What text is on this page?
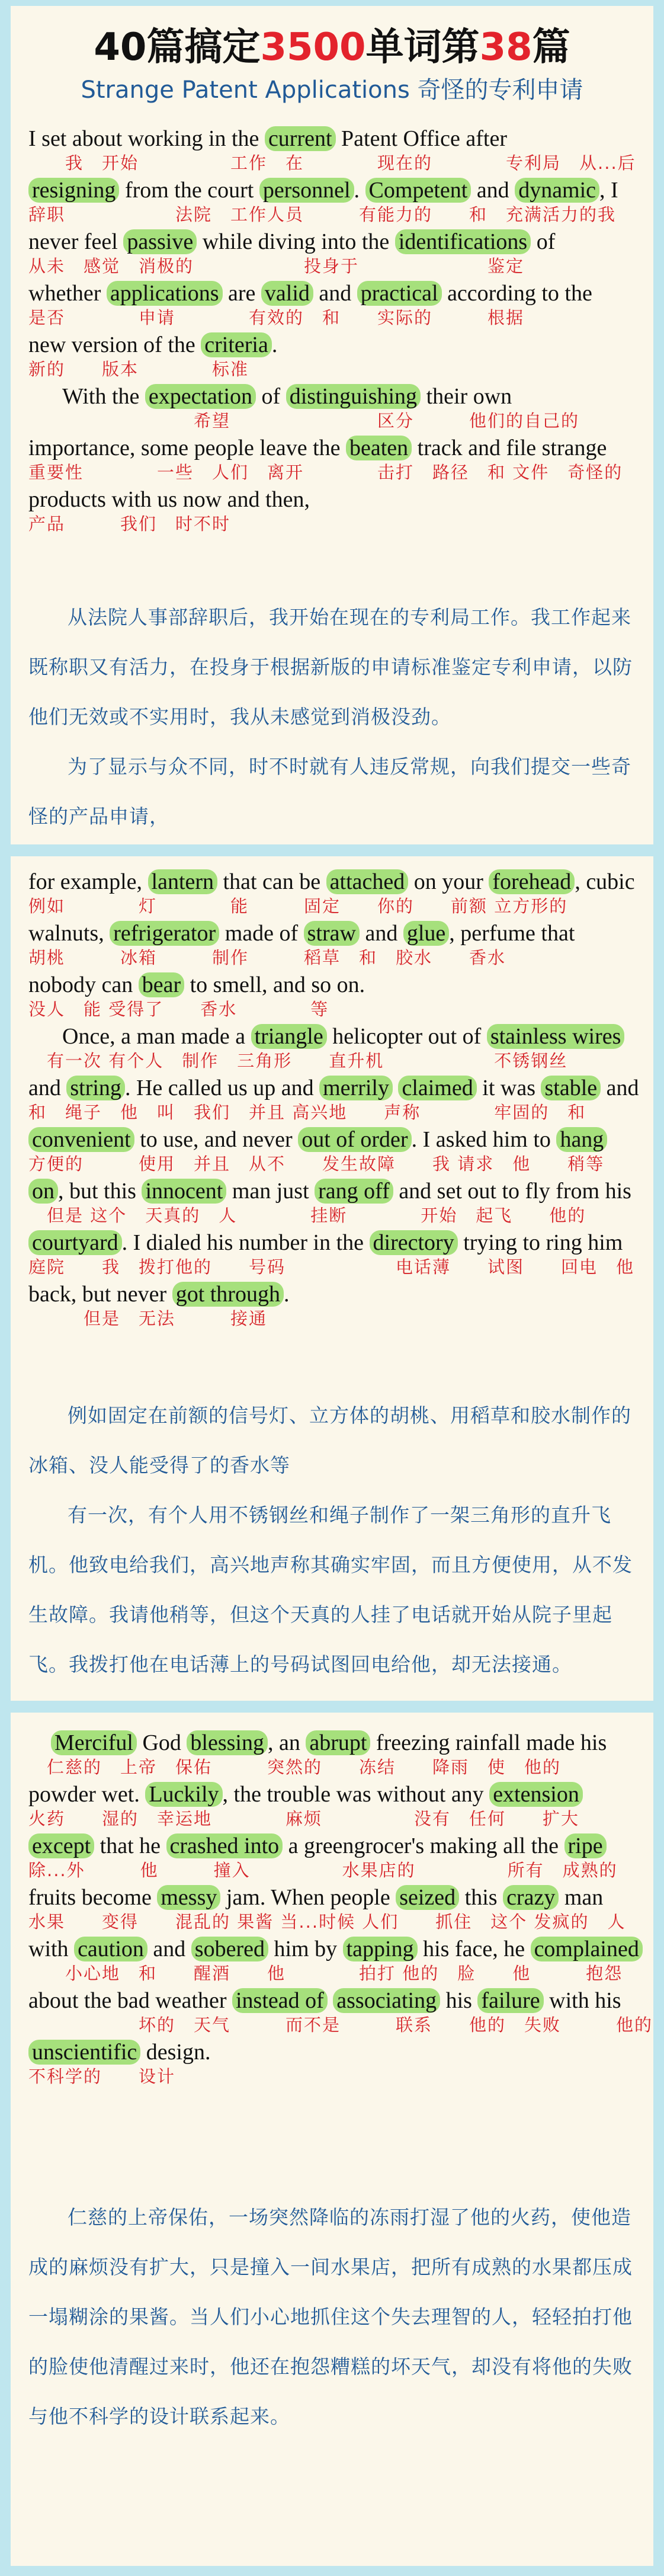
40篇搞定3500单词第38篇
Strange Patent Applications 奇怪的专利申请
　　我　开始　　　　　工作　在　　　　现在的　　　　专利局　从...后
辞职　　　　　　法院　工作人员　　　有能力的　　和　充满活力的我
从未　感觉　消极的　　　　　　投身于　　　　　　　鉴定
是否　　　　申请　　　　有效的　和　　实际的　　　根据
新的　　版本　　　　标准
　　　　　　　　　希望　　　　　　　　区分　　　他们的自己的
重要性　　　　一些　人们　离开　　　　击打　路径　和 文件　奇怪的
产品　　　我们　时不时
I set about working in the current Patent Office after
resigning from the court personnel . Competent and dynamic , I
never feel passive while diving into the identifications of
whether applications are valid and practical according to the
new version of the criteria .
With the expectation of distinguishing their own
importance, some people leave the beaten track and file strange
products with us now and then,

从法院人事部辞职后，我开始在现在的专利局工作。我工作起来既称职又有活力，在投身于根据新版的申请标准鉴定专利申请，以防他们无效或不实用时，我从未感觉到消极没劲。

为了显示与众不同，时不时就有人违反常规，向我们提交一些奇怪的产品申请，

例如　　　　灯　　　　能　　　固定　　你的　　前额 立方形的
胡桃　　　冰箱　　　制作　　　稻草　和　胶水　　香水
没人　能 受得了　　香水　　　　等
　有一次 有个人　制作　三角形　　直升机　　　　　　不锈钢丝
和　绳子　他　叫　我们　并且 高兴地　　声称　　　　牢固的　和
方便的　　　使用　并且　从不　　发生故障　　我 请求　他　　稍等
　但是 这个　天真的　人　　　　挂断　　　　开始　起飞　　他的
庭院　　我　拨打他的　　号码　　　　　　电话薄　　试图　　回电　他
　　　但是　无法　　　接通
for example, lantern that can be attached on your forehead , cubic
walnuts, refrigerator made of straw and glue , perfume that
nobody can bear to smell, and so on.
Once, a man made a triangle helicopter out of stainless wires
and string . He called us up and merrily claimed it was stable and
convenient to use, and never out of order . I asked him to hang
on , but this innocent man just rang off and set out to fly from his
courtyard . I dialed his number in the directory trying to ring him
back, but never got through .

例如固定在前额的信号灯、立方体的胡桃、用稻草和胶水制作的冰箱、没人能受得了的香水等

有一次，有个人用不锈钢丝和绳子制作了一架三角形的直升飞机。他致电给我们，高兴地声称其确实牢固，而且方便使用，从不发生故障。我请他稍等，但这个天真的人挂了电话就开始从院子里起飞。我拨打他在电话薄上的号码试图回电给他，却无法接通。

　仁慈的　上帝　保佑　　　突然的　　冻结　　降雨　使　他的
火药　　湿的　幸运地　　　　麻烦　　　　　没有　任何　　扩大
除...外　　　他　　　撞入　　　　　水果店的　　　　　所有　成熟的
水果　　变得　　混乱的 果酱 当...时候 人们　　抓住　这个 发疯的　人
　　小心地　和　　醒酒　　他　　　　拍打 他的　脸　　他　　　抱怨
　　　　　　坏的　天气　　　而不是　　　联系　　他的　失败　　　他的
不科学的　　设计
Merciful God blessing , an abrupt freezing rainfall made his
powder wet. Luckily , the trouble was without any extension
except that he crashed into a greengrocer's making all the ripe
fruits become messy jam. When people seized this crazy man
with caution and sobered him by tapping his face, he complained
about the bad weather instead of associating his failure with his
unscientific design.

仁慈的上帝保佑，一场突然降临的冻雨打湿了他的火药，使他造成的麻烦没有扩大，只是撞入一间水果店，把所有成熟的水果都压成一塌糊涂的果酱。当人们小心地抓住这个失去理智的人，轻轻拍打他的脸使他清醒过来时，他还在抱怨糟糕的坏天气，却没有将他的失败与他不科学的设计联系起来。
